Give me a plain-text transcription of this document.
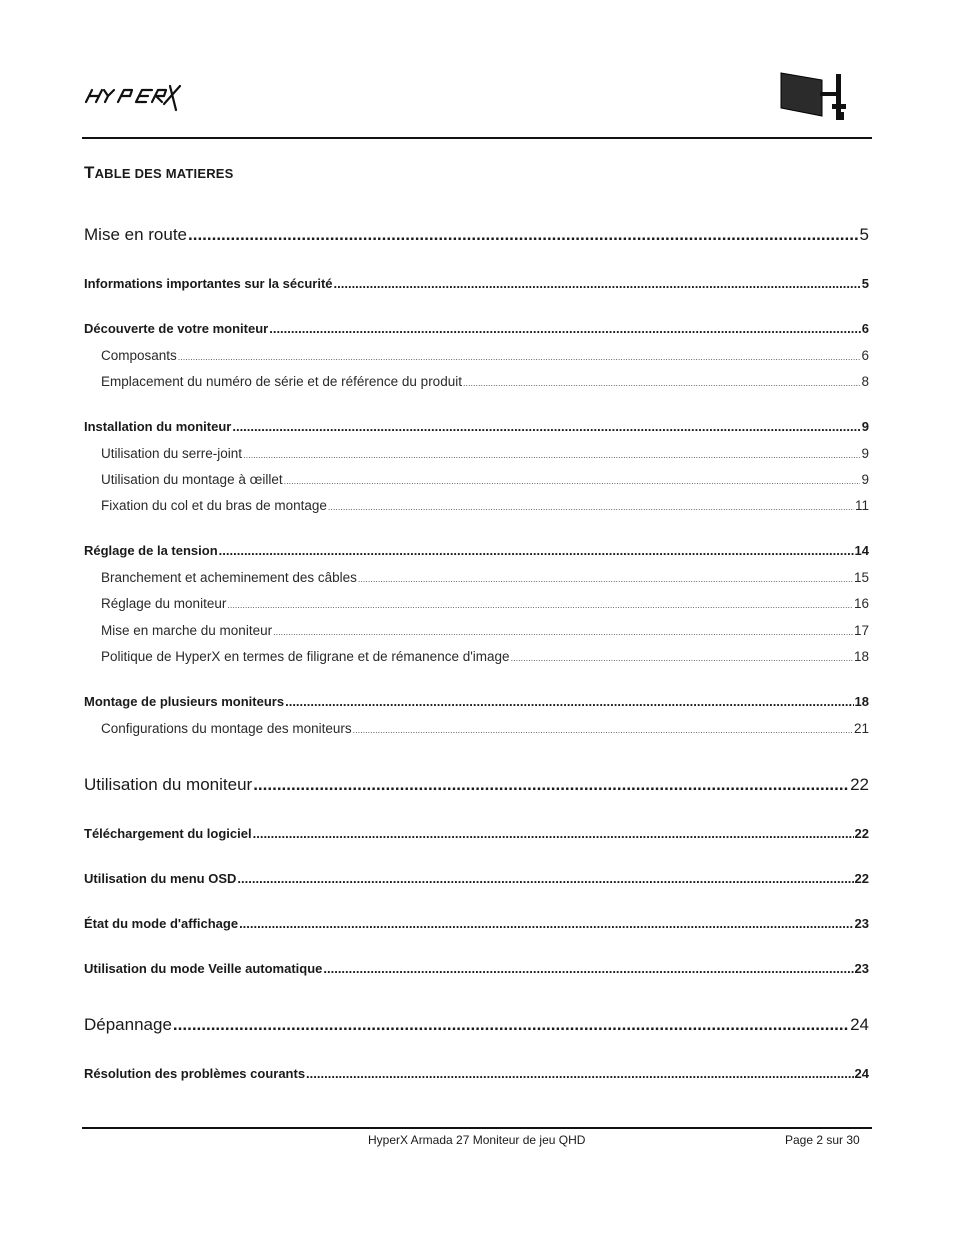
TABLE DES MATIERES
Mise en route .....	5
Informations importantes sur la sécurité .....	5
Découverte de votre moniteur .....	6
Composants .....	6
Emplacement du numéro de série et de référence du produit .....	8
Installation du moniteur .....	9
Utilisation du serre-joint .....	9
Utilisation du montage à œillet .....	9
Fixation du col et du bras de montage .....	11
Réglage de la tension .....	14
Branchement et acheminement des câbles .....	15
Réglage du moniteur .....	16
Mise en marche du moniteur .....	17
Politique de HyperX en termes de filigrane et de rémanence d'image .....	18
Montage de plusieurs moniteurs .....	18
Configurations du montage des moniteurs .....	21
Utilisation du moniteur .....	22
Téléchargement du logiciel .....	22
Utilisation du menu OSD .....	22
État du mode d'affichage .....	23
Utilisation du mode Veille automatique .....	23
Dépannage .....	24
Résolution des problèmes courants .....	24
HyperX Armada 27 Moniteur de jeu QHD	Page 2 sur 30
